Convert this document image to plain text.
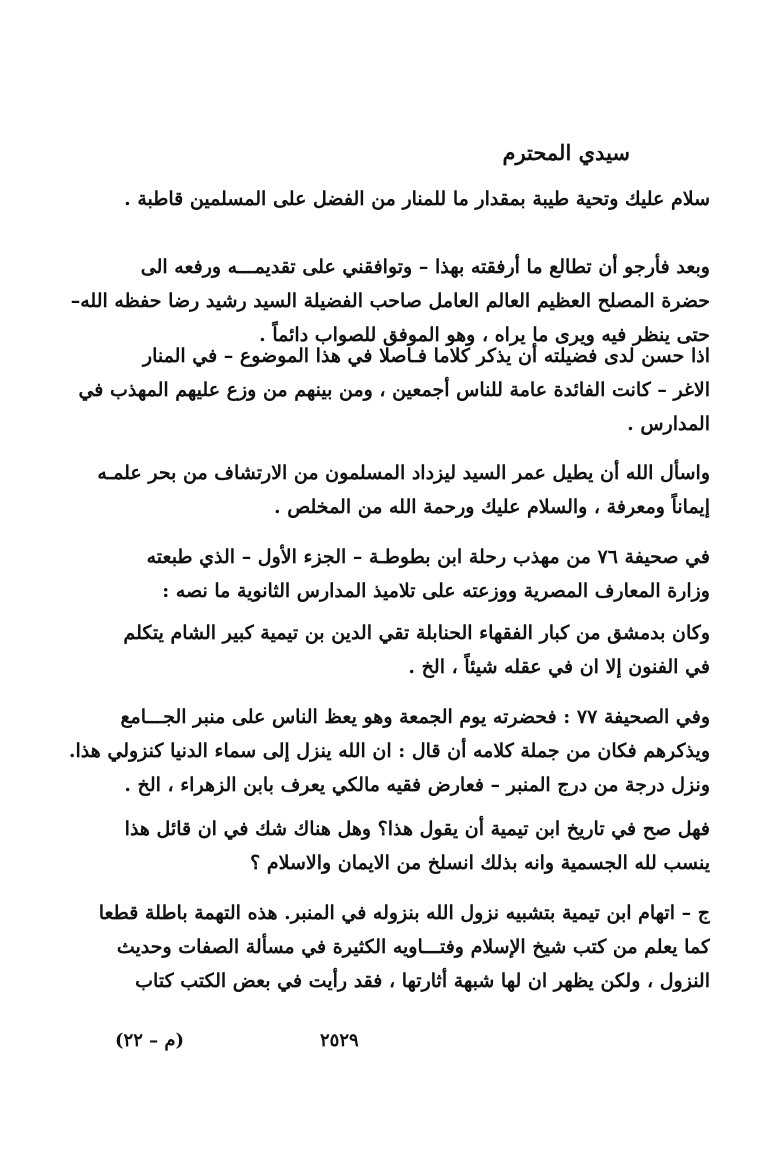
سيدي المحترم
سلام عليك وتحية طيبة بمقدار ما للمنار من الفضل على المسلمين قاطبة .
وبعد فأرجو أن تطالع ما أرفقته بهذا – وتوافقني على تقديمـــه ورفعه الى
حضرة المصلح العظيم العالم العامل صاحب الفضيلة السيد رشيد رضا حفظه الله–
حتى ينظر فيه ويرى ما يراه ، وهو الموفق للصواب دائماً .
اذا حسن لدى فضيلته أن يذكر كلاما فـاصلا في هذا الموضوع – في المنار
الاغر – كانت الفائدة عامة للناس أجمعين ، ومن بينهم من وزع عليهم المهذب في
المدارس .
واسأل الله أن يطيل عمر السيد ليزداد المسلمون من الارتشاف من بحر علمـه
إيماناً ومعرفة ، والسلام عليك ورحمة الله من المخلص .
في صحيفة ٧٦ من مهذب رحلة ابن بطوطـة – الجزء الأول – الذي طبعته
وزارة المعارف المصرية ووزعته على تلاميذ المدارس الثانوية ما نصه :
وكان بدمشق من كبار الفقهاء الحنابلة تقي الدين بن تيمية كبير الشام يتكلم
في الفنون إلا ان في عقله شيئاً ، الخ .
وفي الصحيفة ٧٧ : فحضرته يوم الجمعة وهو يعظ الناس على منبر الجـــامع
ويذكرهم فكان من جملة كلامه أن قال : ان الله ينزل إلى سماء الدنيا كنزولي هذا.
ونزل درجة من درج المنبر – فعارض فقيه مالكي يعرف بابن الزهراء ، الخ .
فهل صح في تاريخ ابن تيمية أن يقول هذا؟ وهل هناك شك في ان قائل هذا
ينسب لله الجسمية وانه بذلك انسلخ من الايمان والاسلام ؟
ج – اتهام ابن تيمية بتشبيه نزول الله بنزوله في المنبر. هذه التهمة باطلة قطعا
كما يعلم من كتب شيخ الإسلام وفتـــاويه الكثيرة في مسألة الصفات وحديث
النزول ، ولكن يظهر ان لها شبهة أثارتها ، فقد رأيت في بعض الكتب كتاب
٢٥٢٩
(م – ٢٢)
